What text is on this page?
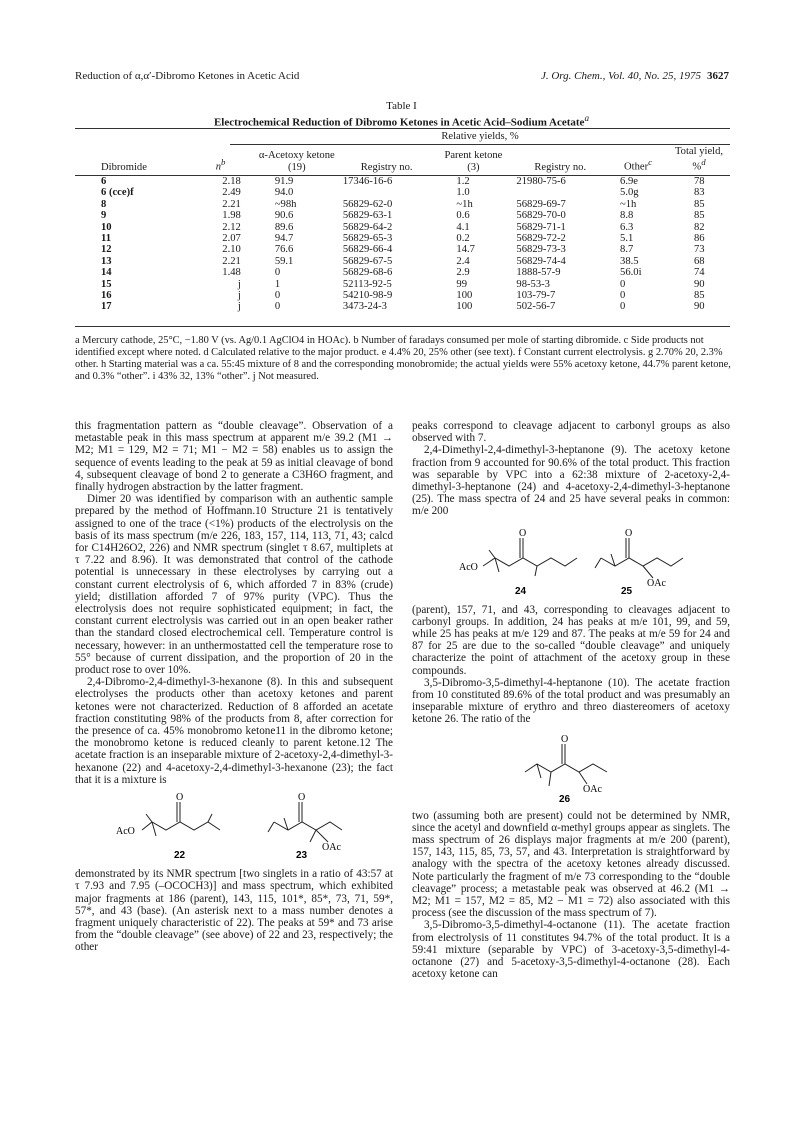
Reduction of α,α′-Dibromo Ketones in Acetic Acid	J. Org. Chem., Vol. 40, No. 25, 1975 3627
Table I
Electrochemical Reduction of Dibromo Ketones in Acetic Acid–Sodium Acetate$^a$
Relative yields, %
Dibromide	$n^b$	α-Acetoxy ketone (19)	Registry no.	Parent ketone (3)	Registry no.	Other$^c$	Total yield, %$^d$
6	2.18	91.9	17346-16-6	1.2	21980-75-6	6.9e	78
6 (cce)f	2.49	94.0		1.0		5.0g	83
8	2.21	~98h	56829-62-0	~1h	56829-69-7	~1h	85
9	1.98	90.6	56829-63-1	0.6	56829-70-0	8.8	85
10	2.12	89.6	56829-64-2	4.1	56829-71-1	6.3	82
11	2.07	94.7	56829-65-3	0.2	56829-72-2	5.1	86
12	2.10	76.6	56829-66-4	14.7	56829-73-3	8.7	73
13	2.21	59.1	56829-67-5	2.4	56829-74-4	38.5	68
14	1.48	0	56829-68-6	2.9	1888-57-9	56.0i	74
15	j	1	52113-92-5	99	98-53-3	0	90
16	j	0	54210-98-9	100	103-79-7	0	85
17	j	0	3473-24-3	100	502-56-7	0	90
a Mercury cathode, 25°C, −1.80 V (vs. Ag/0.1 AgClO4 in HOAc). b Number of faradays consumed per mole of starting dibromide. c Side products not identified except where noted. d Calculated relative to the major product. e 4.4% 20, 25% other (see text). f Constant current electrolysis. g 2.70% 20, 2.3% other. h Starting material was a ca. 55:45 mixture of 8 and the corresponding monobromide; the actual yields were 55% acetoxy ketone, 44.7% parent ketone, and 0.3% “other”. i 43% 32, 13% “other”. j Not measured.

this fragmentation pattern as “double cleavage”. Observation of a metastable peak in this mass spectrum at apparent m/e 39.2 (M1 → M2; M1 = 129, M2 = 71; M1 − M2 = 58) enables us to assign the sequence of events leading to the peak at 59 as initial cleavage of bond 4, subsequent cleavage of bond 2 to generate a C3H6O fragment, and finally hydrogen abstraction by the latter fragment.

Dimer 20 was identified by comparison with an authentic sample prepared by the method of Hoffmann.10 Structure 21 is tentatively assigned to one of the trace (<1%) products of the electrolysis on the basis of its mass spectrum (m/e 226, 183, 157, 114, 113, 71, 43; calcd for C14H26O2, 226) and NMR spectrum (singlet τ 8.67, multiplets at τ 7.22 and 8.96). It was demonstrated that control of the cathode potential is unnecessary in these electrolyses by carrying out a constant current electrolysis of 6, which afforded 7 in 83% (crude) yield; distillation afforded 7 of 97% purity (VPC). Thus the electrolysis does not require sophisticated equipment; in fact, the constant current electrolysis was carried out in an open beaker rather than the standard closed electrochemical cell. Temperature control is necessary, however: in an unthermostatted cell the temperature rose to 55° because of current dissipation, and the proportion of 20 in the product rose to over 10%.

2,4-Dibromo-2,4-dimethyl-3-hexanone (8). In this and subsequent electrolyses the products other than acetoxy ketones and parent ketones were not characterized. Reduction of 8 afforded an acetate fraction constituting 98% of the products from 8, after correction for the presence of ca. 45% monobromo ketone11 in the dibromo ketone; the monobromo ketone is reduced cleanly to parent ketone.12 The acetate fraction is an inseparable mixture of 2-acetoxy-2,4-dimethyl-3-hexanone (22) and 4-acetoxy-2,4-dimethyl-3-hexanone (23); the fact that it is a mixture is

O	O
AcO
OAc
22	23

demonstrated by its NMR spectrum [two singlets in a ratio of 43:57 at τ 7.93 and 7.95 (–OCOCH3)] and mass spectrum, which exhibited major fragments at 186 (parent), 143, 115, 101*, 85*, 73, 71, 59*, 57*, and 43 (base). (An asterisk next to a mass number denotes a fragment uniquely characteristic of 22). The peaks at 59* and 73 arise from the “double cleavage” (see above) of 22 and 23, respectively; the other

peaks correspond to cleavage adjacent to carbonyl groups as also observed with 7.

2,4-Dimethyl-2,4-dimethyl-3-heptanone (9). The acetoxy ketone fraction from 9 accounted for 90.6% of the total product. This fraction was separable by VPC into a 62:38 mixture of 2-acetoxy-2,4-dimethyl-3-heptanone (24) and 4-acetoxy-2,4-dimethyl-3-heptanone (25). The mass spectra of 24 and 25 have several peaks in common: m/e 200

O	O
AcO
OAc
24	25

(parent), 157, 71, and 43, corresponding to cleavages adjacent to carbonyl groups. In addition, 24 has peaks at m/e 101, 99, and 59, while 25 has peaks at m/e 129 and 87. The peaks at m/e 59 for 24 and 87 for 25 are due to the so-called “double cleavage” and uniquely characterize the point of attachment of the acetoxy group in these compounds.

3,5-Dibromo-3,5-dimethyl-4-heptanone (10). The acetate fraction from 10 constituted 89.6% of the total product and was presumably an inseparable mixture of erythro and threo diastereomers of acetoxy ketone 26. The ratio of the

O
OAc
26

two (assuming both are present) could not be determined by NMR, since the acetyl and downfield α-methyl groups appear as singlets. The mass spectrum of 26 displays major fragments at m/e 200 (parent), 157, 143, 115, 85, 73, 57, and 43. Interpretation is straightforward by analogy with the spectra of the acetoxy ketones already discussed. Note particularly the fragment of m/e 73 corresponding to the “double cleavage” process; a metastable peak was observed at 46.2 (M1 → M2; M1 = 157, M2 = 85, M2 − M1 = 72) also associated with this process (see the discussion of the mass spectrum of 7).

3,5-Dibromo-3,5-dimethyl-4-octanone (11). The acetate fraction from electrolysis of 11 constitutes 94.7% of the total product. It is a 59:41 mixture (separable by VPC) of 3-acetoxy-3,5-dimethyl-4-octanone (27) and 5-acetoxy-3,5-dimethyl-4-octanone (28). Each acetoxy ketone can
